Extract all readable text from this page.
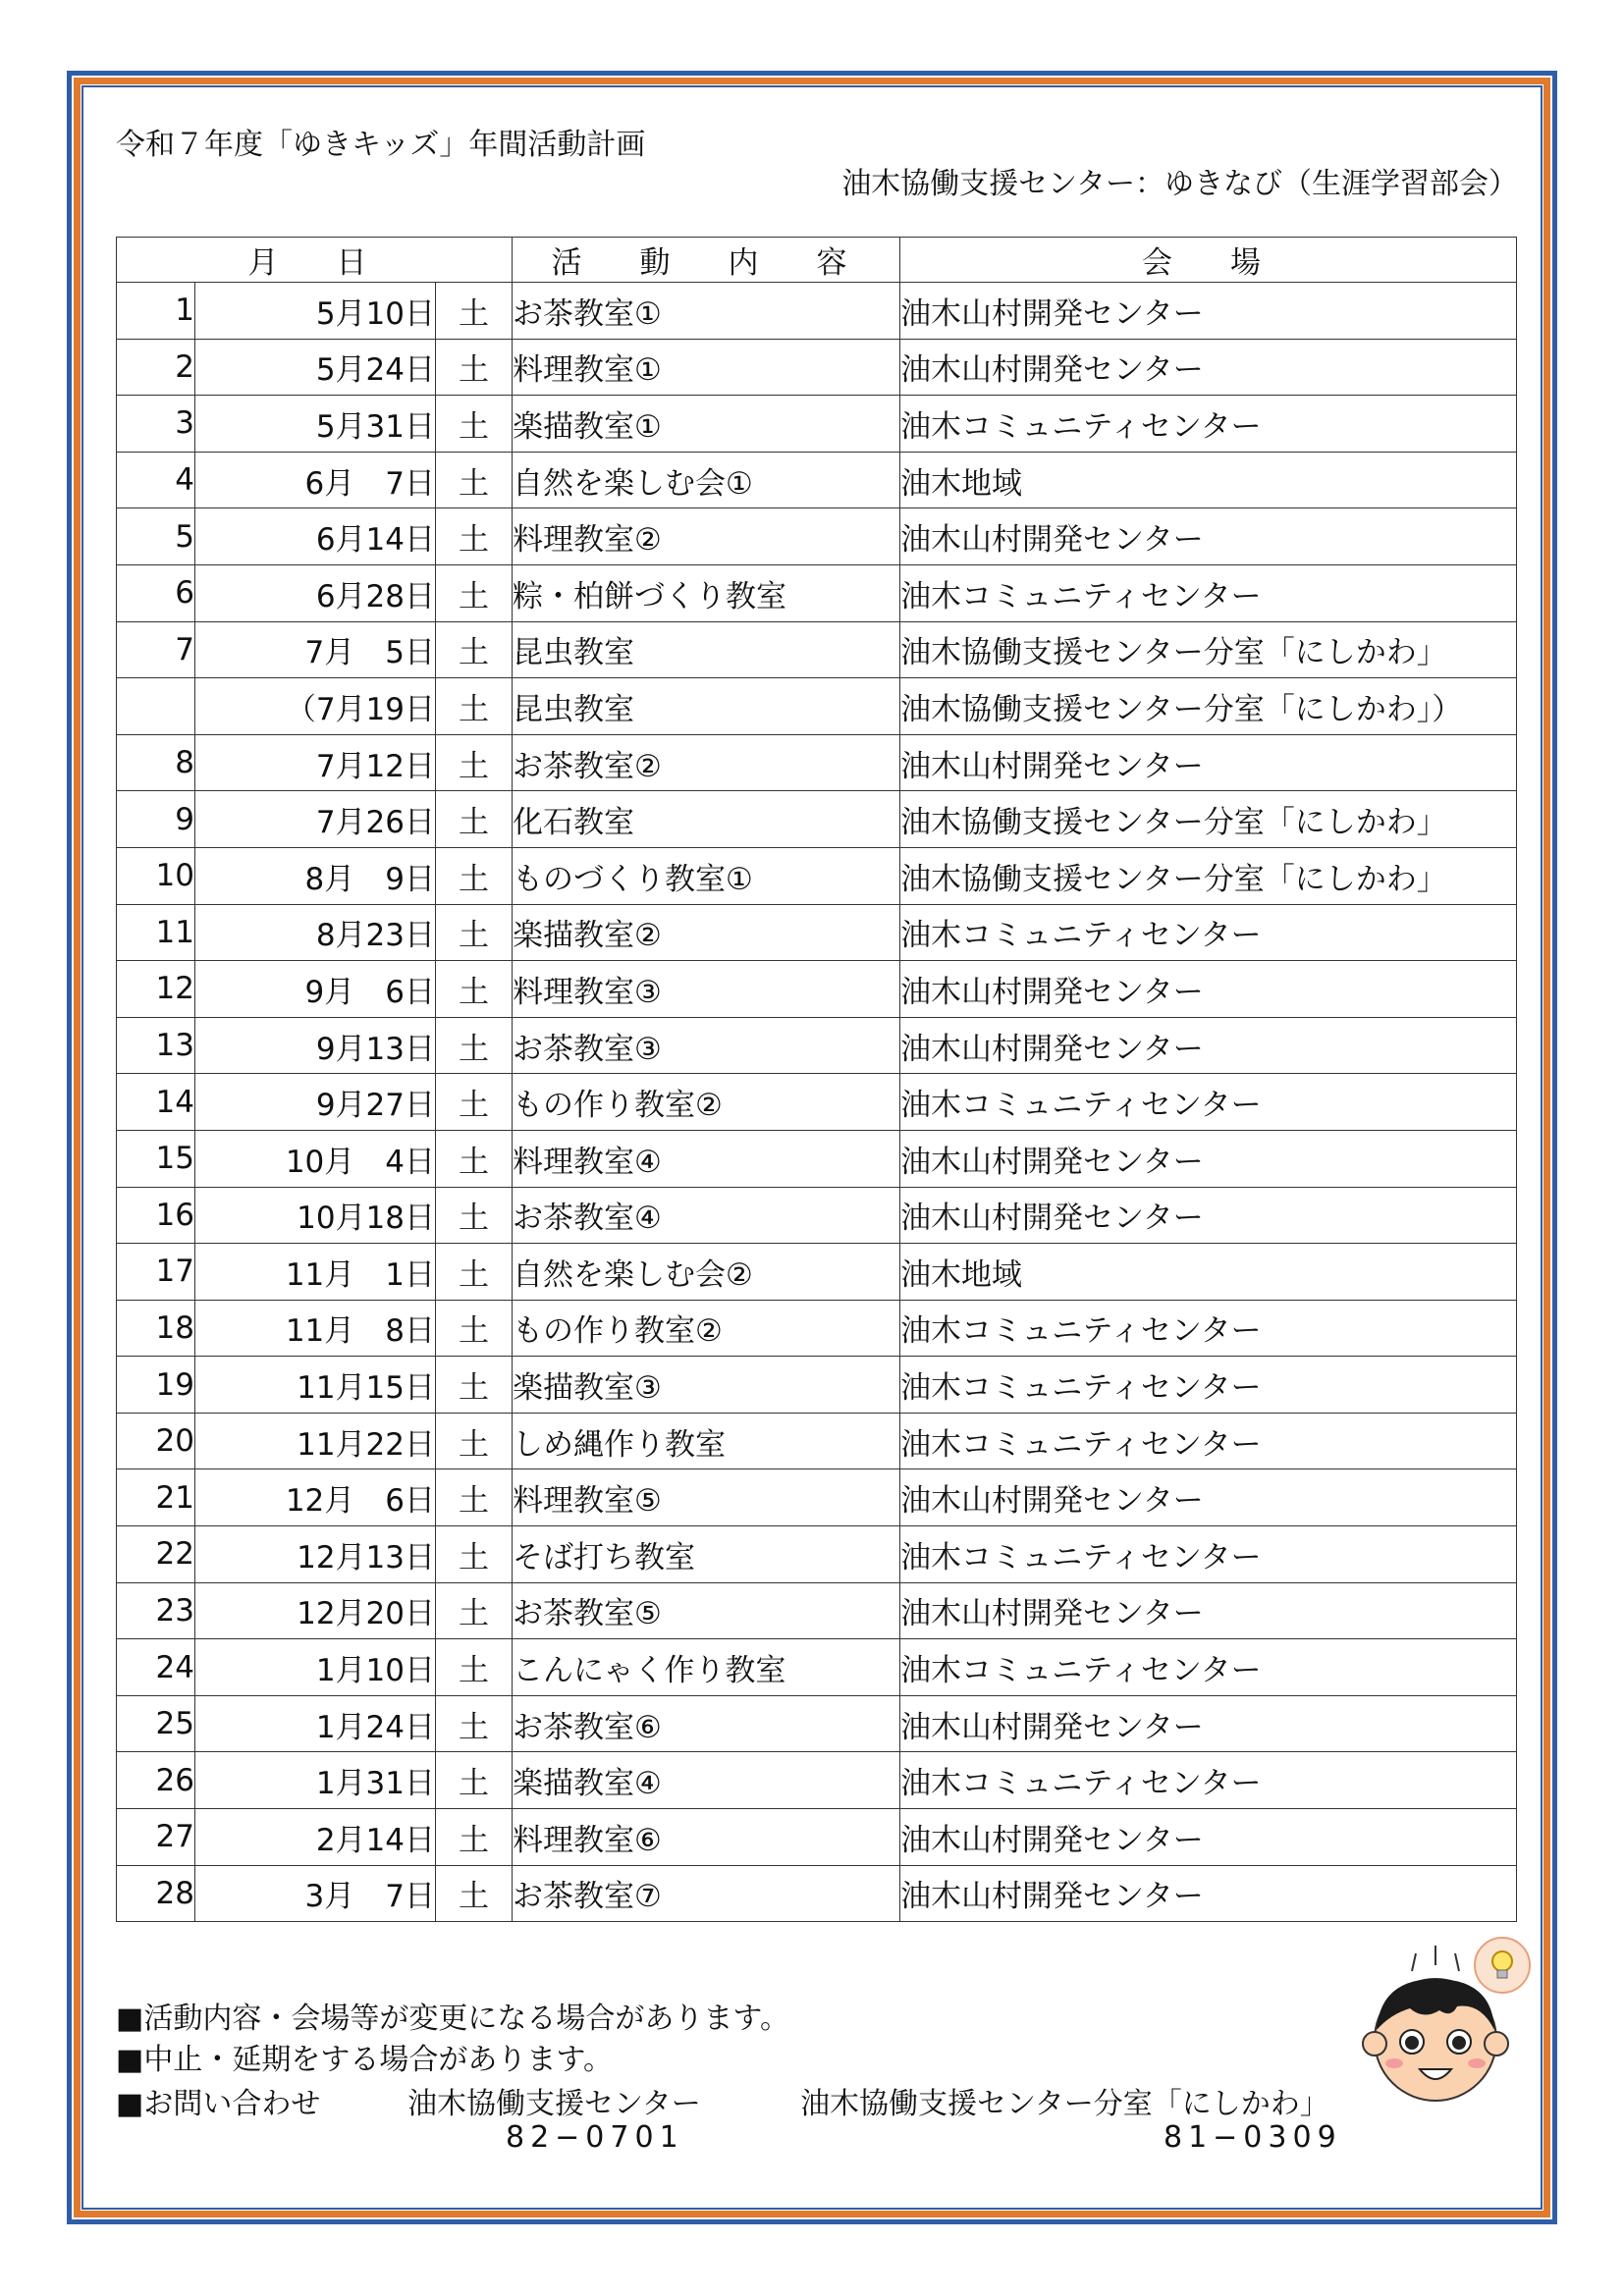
令和７年度「ゆきキッズ」年間活動計画
油木協働支援センター：ゆきなび（生涯学習部会）
月　日			活　動　内　容	会　場
1	5月10日	土	お茶教室①	油木山村開発センター
2	5月24日	土	料理教室①	油木山村開発センター
3	5月31日	土	楽描教室①	油木コミュニティセンター
4	6月　7日	土	自然を楽しむ会①	油木地域
5	6月14日	土	料理教室②	油木山村開発センター
6	6月28日	土	粽・柏餅づくり教室	油木コミュニティセンター
7	7月　5日	土	昆虫教室	油木協働支援センター分室「にしかわ」
	（7月19日	土	昆虫教室	油木協働支援センター分室「にしかわ」）
8	7月12日	土	お茶教室②	油木山村開発センター
9	7月26日	土	化石教室	油木協働支援センター分室「にしかわ」
10	8月　9日	土	ものづくり教室①	油木協働支援センター分室「にしかわ」
11	8月23日	土	楽描教室②	油木コミュニティセンター
12	9月　6日	土	料理教室③	油木山村開発センター
13	9月13日	土	お茶教室③	油木山村開発センター
14	9月27日	土	もの作り教室②	油木コミュニティセンター
15	10月　4日	土	料理教室④	油木山村開発センター
16	10月18日	土	お茶教室④	油木山村開発センター
17	11月　1日	土	自然を楽しむ会②	油木地域
18	11月　8日	土	もの作り教室②	油木コミュニティセンター
19	11月15日	土	楽描教室③	油木コミュニティセンター
20	11月22日	土	しめ縄作り教室	油木コミュニティセンター
21	12月　6日	土	料理教室⑤	油木山村開発センター
22	12月13日	土	そば打ち教室	油木コミュニティセンター
23	12月20日	土	お茶教室⑤	油木山村開発センター
24	1月10日	土	こんにゃく作り教室	油木コミュニティセンター
25	1月24日	土	お茶教室⑥	油木山村開発センター
26	1月31日	土	楽描教室④	油木コミュニティセンター
27	2月14日	土	料理教室⑥	油木山村開発センター
28	3月　7日	土	お茶教室⑦	油木山村開発センター
■活動内容・会場等が変更になる場合があります。
■中止・延期をする場合があります。
■お問い合わせ	油木協働支援センター	油木協働支援センター分室「にしかわ」
82−0701	81−0309
